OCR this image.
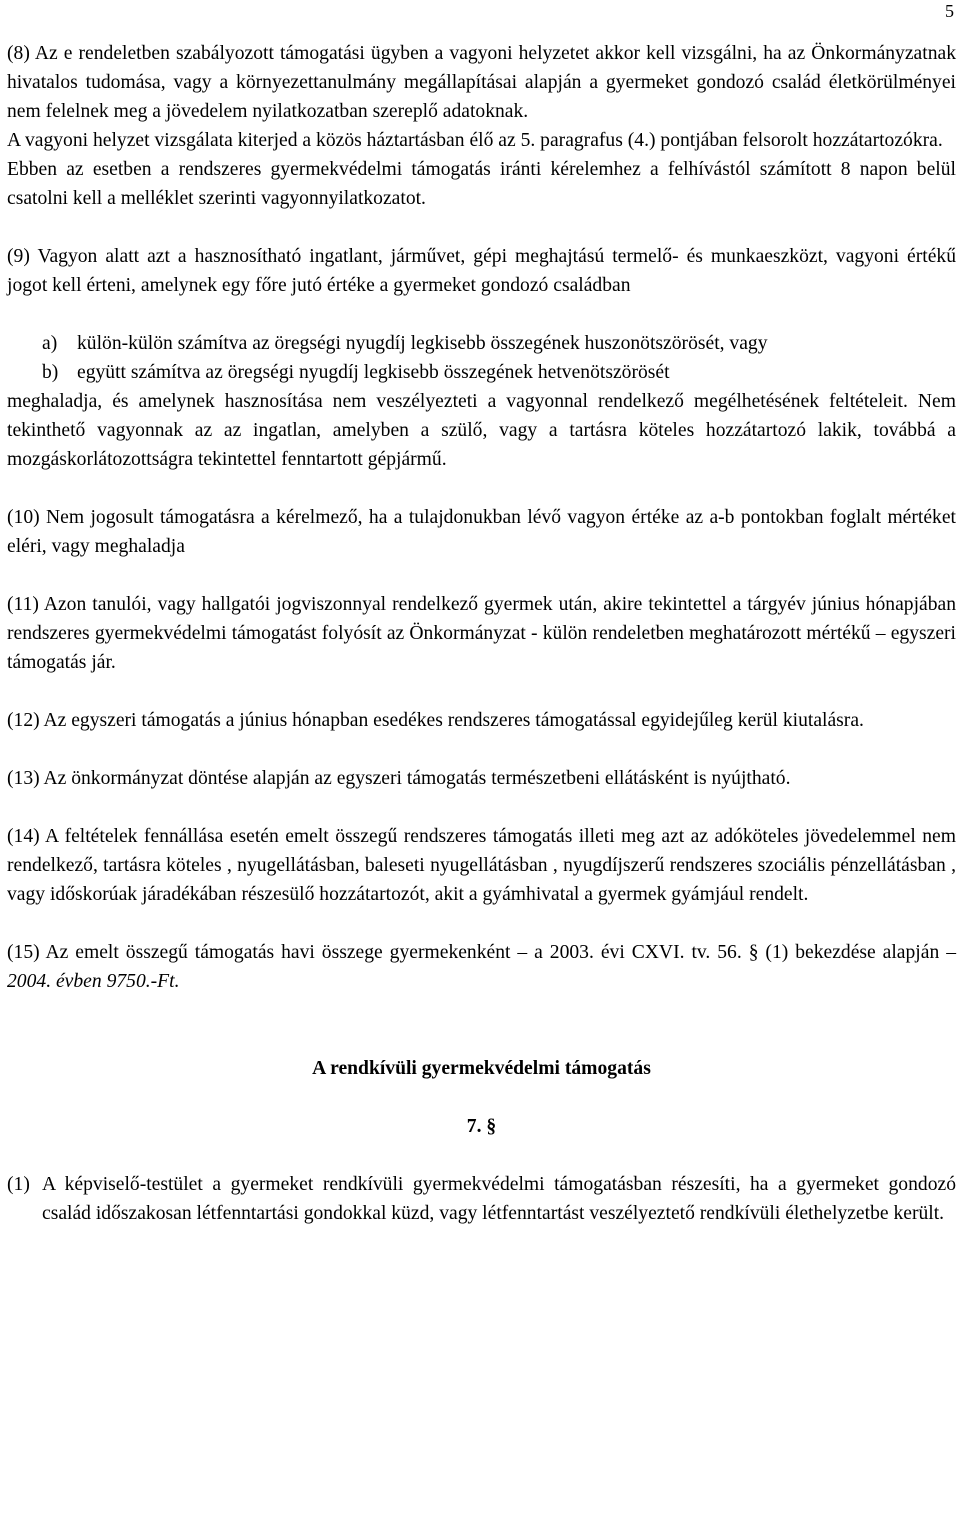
5

(8) Az e rendeletben szabályozott támogatási ügyben a vagyoni helyzetet akkor kell vizsgálni, ha az Önkormányzatnak hivatalos tudomása, vagy a környezettanulmány megállapításai alapján a gyermeket gondozó család életkörülményei nem felelnek meg a jövedelem nyilatkozatban szereplő adatoknak.

A vagyoni helyzet vizsgálata kiterjed a közös háztartásban élő az 5. paragrafus (4.) pontjában felsorolt hozzátartozókra.

Ebben az esetben a rendszeres gyermekvédelmi támogatás iránti kérelemhez a felhívástól számított 8 napon belül csatolni kell a melléklet szerinti vagyonnyilatkozatot.

(9) Vagyon alatt azt a hasznosítható ingatlant, járművet, gépi meghajtású termelő- és munkaeszközt, vagyoni értékű jogot kell érteni, amelynek egy főre jutó értéke a gyermeket gondozó családban

a)	külön-külön számítva az öregségi nyugdíj legkisebb összegének huszonötszörösét, vagy
b) együtt számítva az öregségi nyugdíj legkisebb összegének hetvenötszörösét

meghaladja, és amelynek hasznosítása nem veszélyezteti a vagyonnal rendelkező megélhetésének feltételeit. Nem tekinthető vagyonnak az az ingatlan, amelyben a szülő, vagy a tartásra köteles hozzátartozó lakik, továbbá a mozgáskorlátozottságra tekintettel fenntartott gépjármű.

(10) Nem jogosult támogatásra a kérelmező, ha a tulajdonukban lévő vagyon értéke az a-b pontokban foglalt mértéket eléri, vagy meghaladja

(11) Azon tanulói, vagy hallgatói jogviszonnyal rendelkező gyermek után, akire tekintettel a tárgyév június hónapjában rendszeres gyermekvédelmi támogatást folyósít az Önkormányzat - külön rendeletben meghatározott mértékű – egyszeri támogatás jár.

(12) Az egyszeri támogatás a június hónapban esedékes rendszeres támogatással egyidejűleg kerül kiutalásra.

(13) Az önkormányzat döntése alapján az egyszeri támogatás természetbeni ellátásként is nyújtható.

(14) A feltételek fennállása esetén emelt összegű rendszeres támogatás illeti meg azt az adóköteles jövedelemmel nem rendelkező, tartásra köteles , nyugellátásban, baleseti nyugellátásban , nyugdíjszerű rendszeres szociális pénzellátásban , vagy időskorúak járadékában részesülő hozzátartozót, akit a gyámhivatal a gyermek gyámjául rendelt.

(15) Az emelt összegű támogatás havi összege gyermekenként – a 2003. évi CXVI. tv. 56. § (1) bekezdése alapján – 2004. évben 9750.-Ft.

A rendkívüli gyermekvédelmi támogatás

7. §

(1) A képviselő-testület a gyermeket rendkívüli gyermekvédelmi támogatásban részesíti, ha a gyermeket gondozó család időszakosan létfenntartási gondokkal küzd, vagy létfenntartást veszélyeztető rendkívüli élethelyzetbe került.
